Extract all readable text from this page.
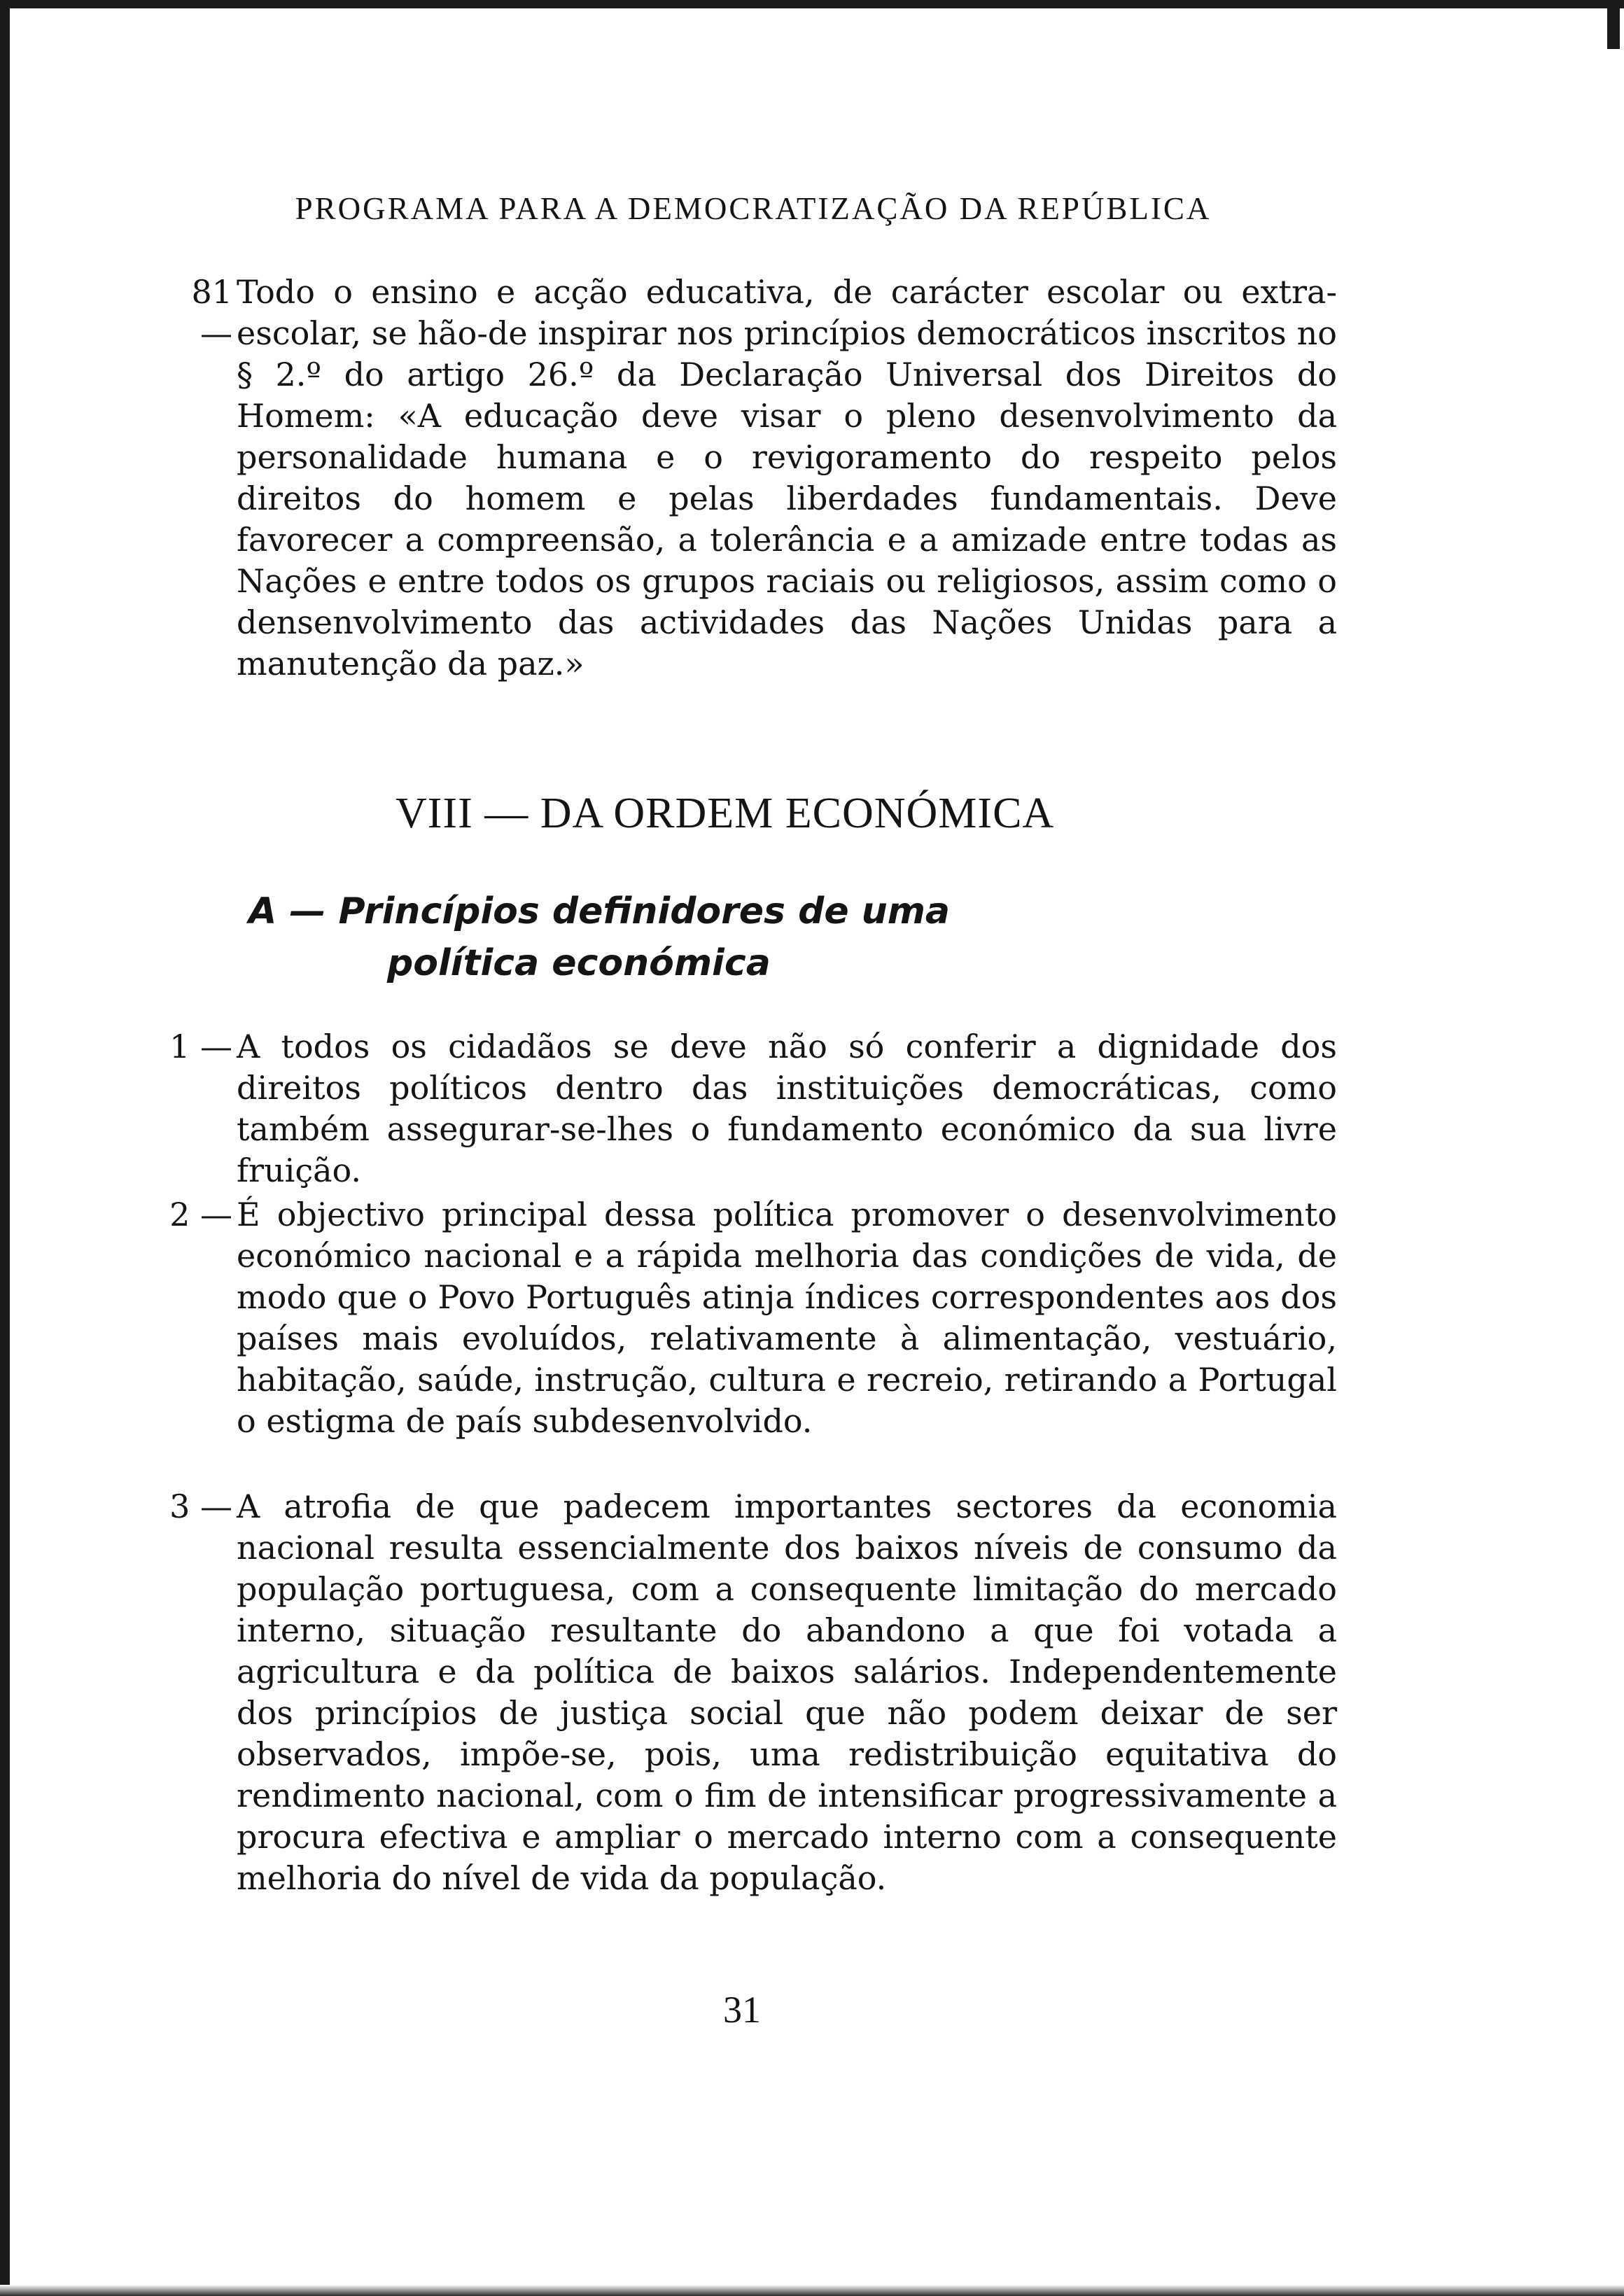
PROGRAMA PARA A DEMOCRATIZAÇÃO DA REPÚBLICA
81 —
Todo o ensino e acção educativa, de carácter escolar ou extra-escolar, se hão-de inspirar nos princípios democráticos inscritos no § 2.º do artigo 26.º da Declaração Universal dos Direitos do Homem: «A educação deve visar o pleno desenvolvimento da personalidade humana e o revigoramento do respeito pelos direitos do homem e pelas liberdades fundamentais. Deve favorecer a compreensão, a tolerância e a amizade entre todas as Nações e entre todos os grupos raciais ou religiosos, assim como o densenvolvimento das actividades das Nações Unidas para a manutenção da paz.»
VIII — DA ORDEM ECONÓMICA
A — Princípios definidores de uma
política económica
1 — A todos os cidadãos se deve não só conferir a dignidade dos direitos políticos dentro das instituições democráticas, como também assegurar-se-lhes o fundamento económico da sua livre fruição.
2 — É objectivo principal dessa política promover o desenvolvimento económico nacional e a rápida melhoria das condições de vida, de modo que o Povo Português atinja índices correspondentes aos dos países mais evoluídos, relativamente à alimentação, vestuário, habitação, saúde, instrução, cultura e recreio, retirando a Portugal o estigma de país subdesenvolvido.
3 — A atrofia de que padecem importantes sectores da economia nacional resulta essencialmente dos baixos níveis de consumo da população portuguesa, com a consequente limitação do mercado interno, situação resultante do abandono a que foi votada a agricultura e da política de baixos salários. Independentemente dos princípios de justiça social que não podem deixar de ser observados, impõe-se, pois, uma redistribuição equitativa do rendimento nacional, com o fim de intensificar progressivamente a procura efectiva e ampliar o mercado interno com a consequente melhoria do nível de vida da população.
31
